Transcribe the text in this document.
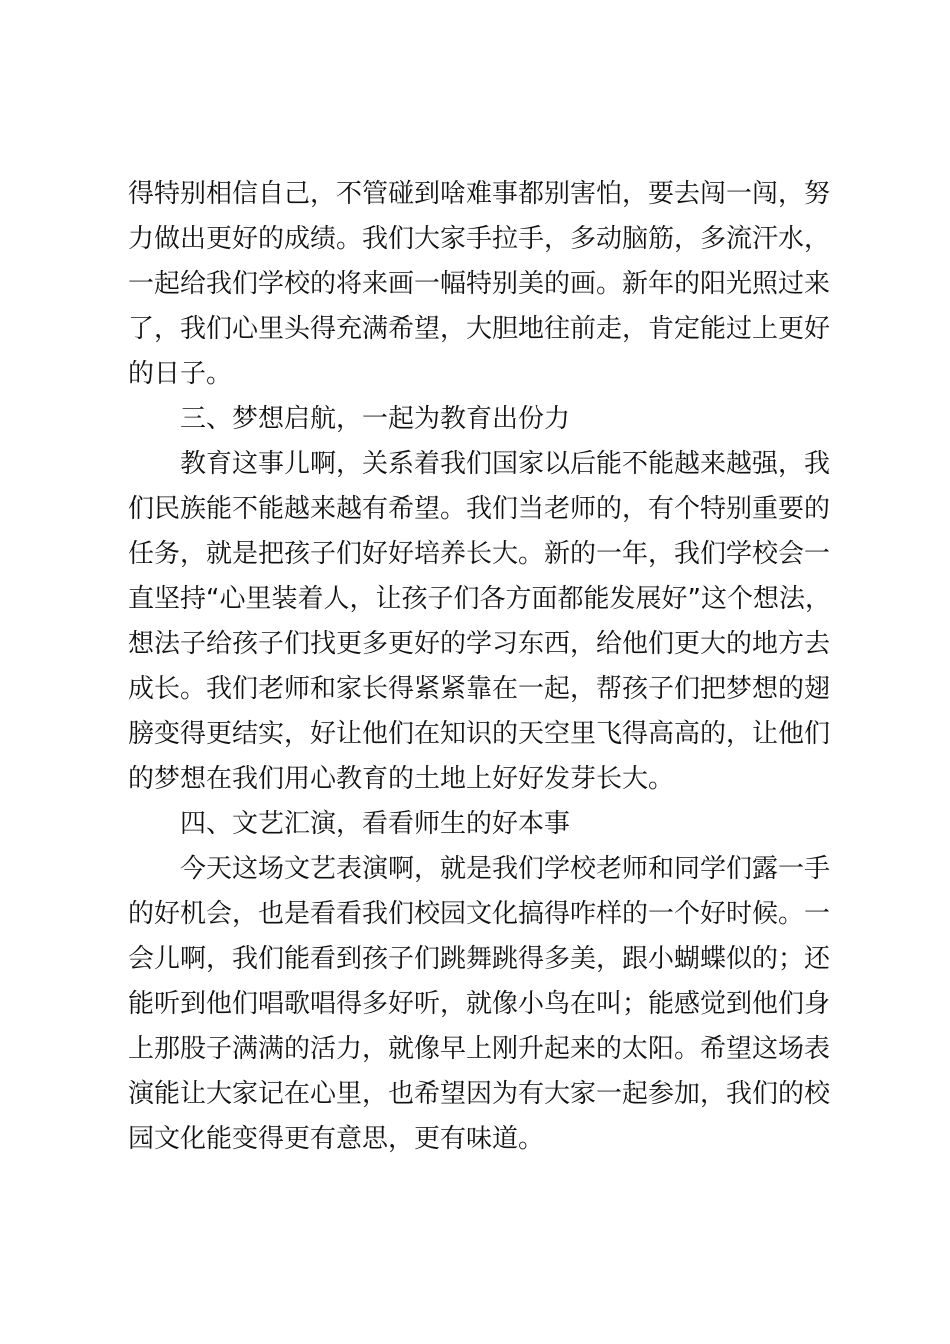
得特别相信自己，不管碰到啥难事都别害怕，要去闯一闯，努
力做出更好的成绩。我们大家手拉手，多动脑筋，多流汗水，
一起给我们学校的将来画一幅特别美的画。新年的阳光照过来
了，我们心里头得充满希望，大胆地往前走，肯定能过上更好
的日子。
三、梦想启航，一起为教育出份力
教育这事儿啊，关系着我们国家以后能不能越来越强，我
们民族能不能越来越有希望。我们当老师的，有个特别重要的
任务，就是把孩子们好好培养长大。新的一年，我们学校会一
直坚持“心里装着人，让孩子们各方面都能发展好”这个想法，
想法子给孩子们找更多更好的学习东西，给他们更大的地方去
成长。我们老师和家长得紧紧靠在一起，帮孩子们把梦想的翅
膀变得更结实，好让他们在知识的天空里飞得高高的，让他们
的梦想在我们用心教育的土地上好好发芽长大。
四、文艺汇演，看看师生的好本事
今天这场文艺表演啊，就是我们学校老师和同学们露一手
的好机会，也是看看我们校园文化搞得咋样的一个好时候。一
会儿啊，我们能看到孩子们跳舞跳得多美，跟小蝴蝶似的；还
能听到他们唱歌唱得多好听，就像小鸟在叫；能感觉到他们身
上那股子满满的活力，就像早上刚升起来的太阳。希望这场表
演能让大家记在心里，也希望因为有大家一起参加，我们的校
园文化能变得更有意思，更有味道。
